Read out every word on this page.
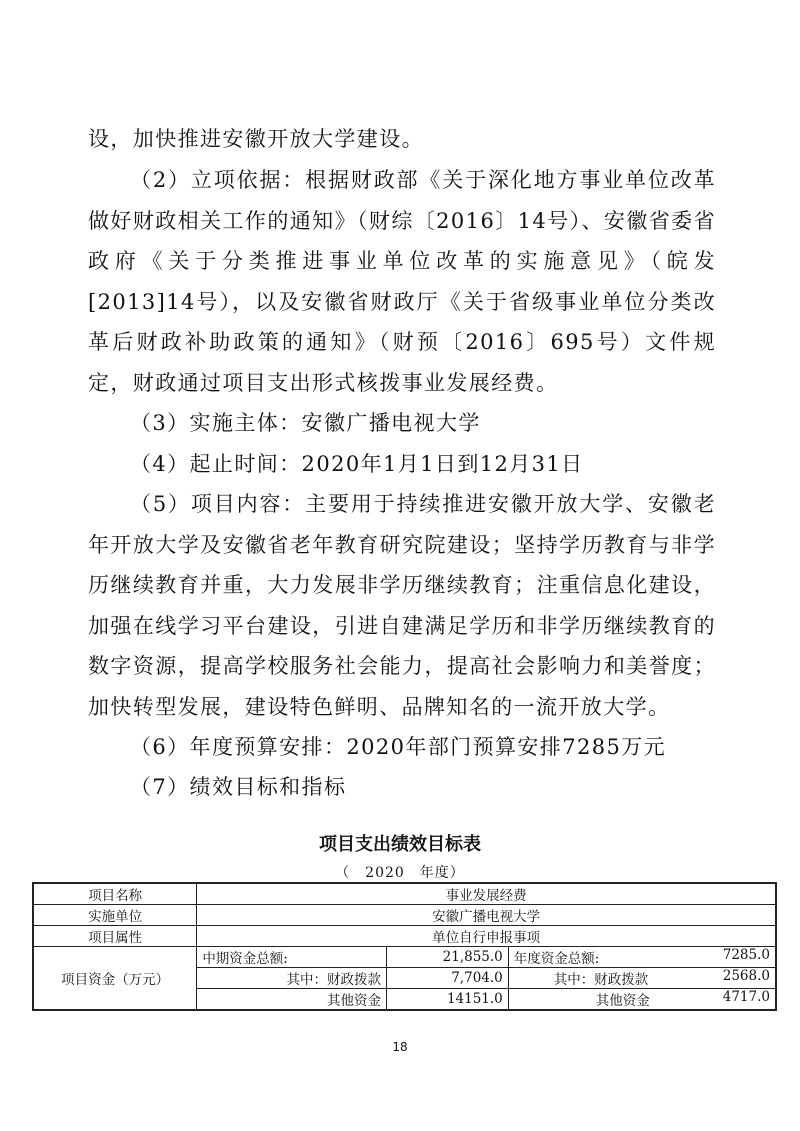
设，加快推进安徽开放大学建设。

（2）立项依据：根据财政部《关于深化地方事业单位改革做好财政相关工作的通知》（财综〔2016〕14号）、安徽省委省政府《关于分类推进事业单位改革的实施意见》（皖发[2013]14号），以及安徽省财政厅《关于省级事业单位分类改革后财政补助政策的通知》（财预〔2016〕695号）文件规定，财政通过项目支出形式核拨事业发展经费。

（3）实施主体：安徽广播电视大学

（4）起止时间：2020年1月1日到12月31日

（5）项目内容：主要用于持续推进安徽开放大学、安徽老年开放大学及安徽省老年教育研究院建设；坚持学历教育与非学历继续教育并重，大力发展非学历继续教育；注重信息化建设，加强在线学习平台建设，引进自建满足学历和非学历继续教育的数字资源，提高学校服务社会能力，提高社会影响力和美誉度；加快转型发展，建设特色鲜明、品牌知名的一流开放大学。

（6）年度预算安排：2020年部门预算安排7285万元

（7）绩效目标和指标

项目支出绩效目标表
（　2020　年度）
项目名称	事业发展经费		
实施单位	安徽广播电视大学		
项目属性	单位自行申报事项		
项目资金（万元）	中期资金总额:	21,855.0	年度资金总额: 7285.0

	其中：财政拨款	7,704.0	其中：财政拨款 2568.0

	其他资金	14151.0	其他资金 4717.0
18
